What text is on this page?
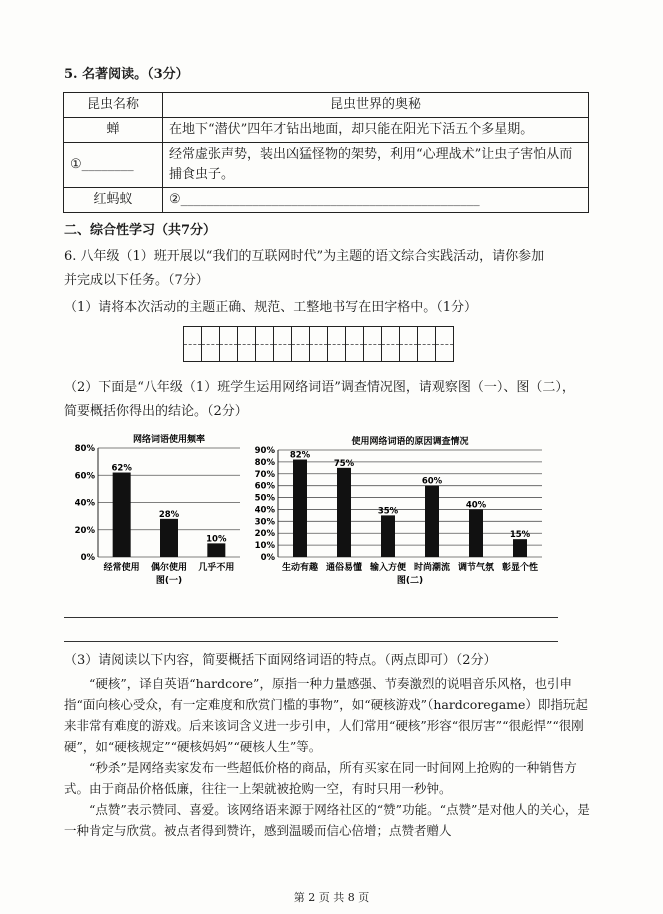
5. 名著阅读。（3分）
昆虫名称	昆虫世界的奥秘
蝉	在地下“潜伏”四年才钻出地面，却只能在阳光下活五个多星期。
①________	经常虚张声势，装出凶猛怪物的架势，利用“心理战术”让虫子害怕从而捕食虫子。
红蚂蚁	②______________________________________________
二、综合性学习（共7分）
6. 八年级（1）班开展以“我们的互联网时代”为主题的语文综合实践活动，请你参加
并完成以下任务。（7分）
（1）请将本次活动的主题正确、规范、工整地书写在田字格中。（1分）
（2）下面是“八年级（1）班学生运用网络词语”调查情况图，请观察图（一）、图（二），
简要概括你得出的结论。（2分）
网络词语使用频率
0%
20%
40%
60%
80%
62%
经常使用
28%
偶尔使用
10%
几乎不用
图(一)
使用网络词语的原因调查情况
0%
10%
20%
30%
40%
50%
60%
70%
80%
90% 82%
生动有趣
75%
通俗易懂
35%
输入方便
60%
时尚潮流
40%
调节气氛
15%
彰显个性
图(二)
（3）请阅读以下内容，简要概括下面网络词语的特点。（两点即可）（2分）

“硬核”，译自英语“hardcore”，原指一种力量感强、节奏激烈的说唱音乐风格，也引申指“面向核心受众，有一定难度和欣赏门槛的事物”，如“硬核游戏”（hardcoregame）即指玩起来非常有难度的游戏。后来该词含义进一步引申，人们常用“硬核”形容“很厉害”“很彪悍”“很刚硬”，如“硬核规定”“硬核妈妈”“硬核人生”等。

“秒杀”是网络卖家发布一些超低价格的商品，所有买家在同一时间网上抢购的一种销售方式。由于商品价格低廉，往往一上架就被抢购一空，有时只用一秒钟。

“点赞”表示赞同、喜爱。该网络语来源于网络社区的“赞”功能。“点赞”是对他人的关心，是一种肯定与欣赏。被点者得到赞许，感到温暖而信心倍增；点赞者赠人

第 2 页 共 8 页
